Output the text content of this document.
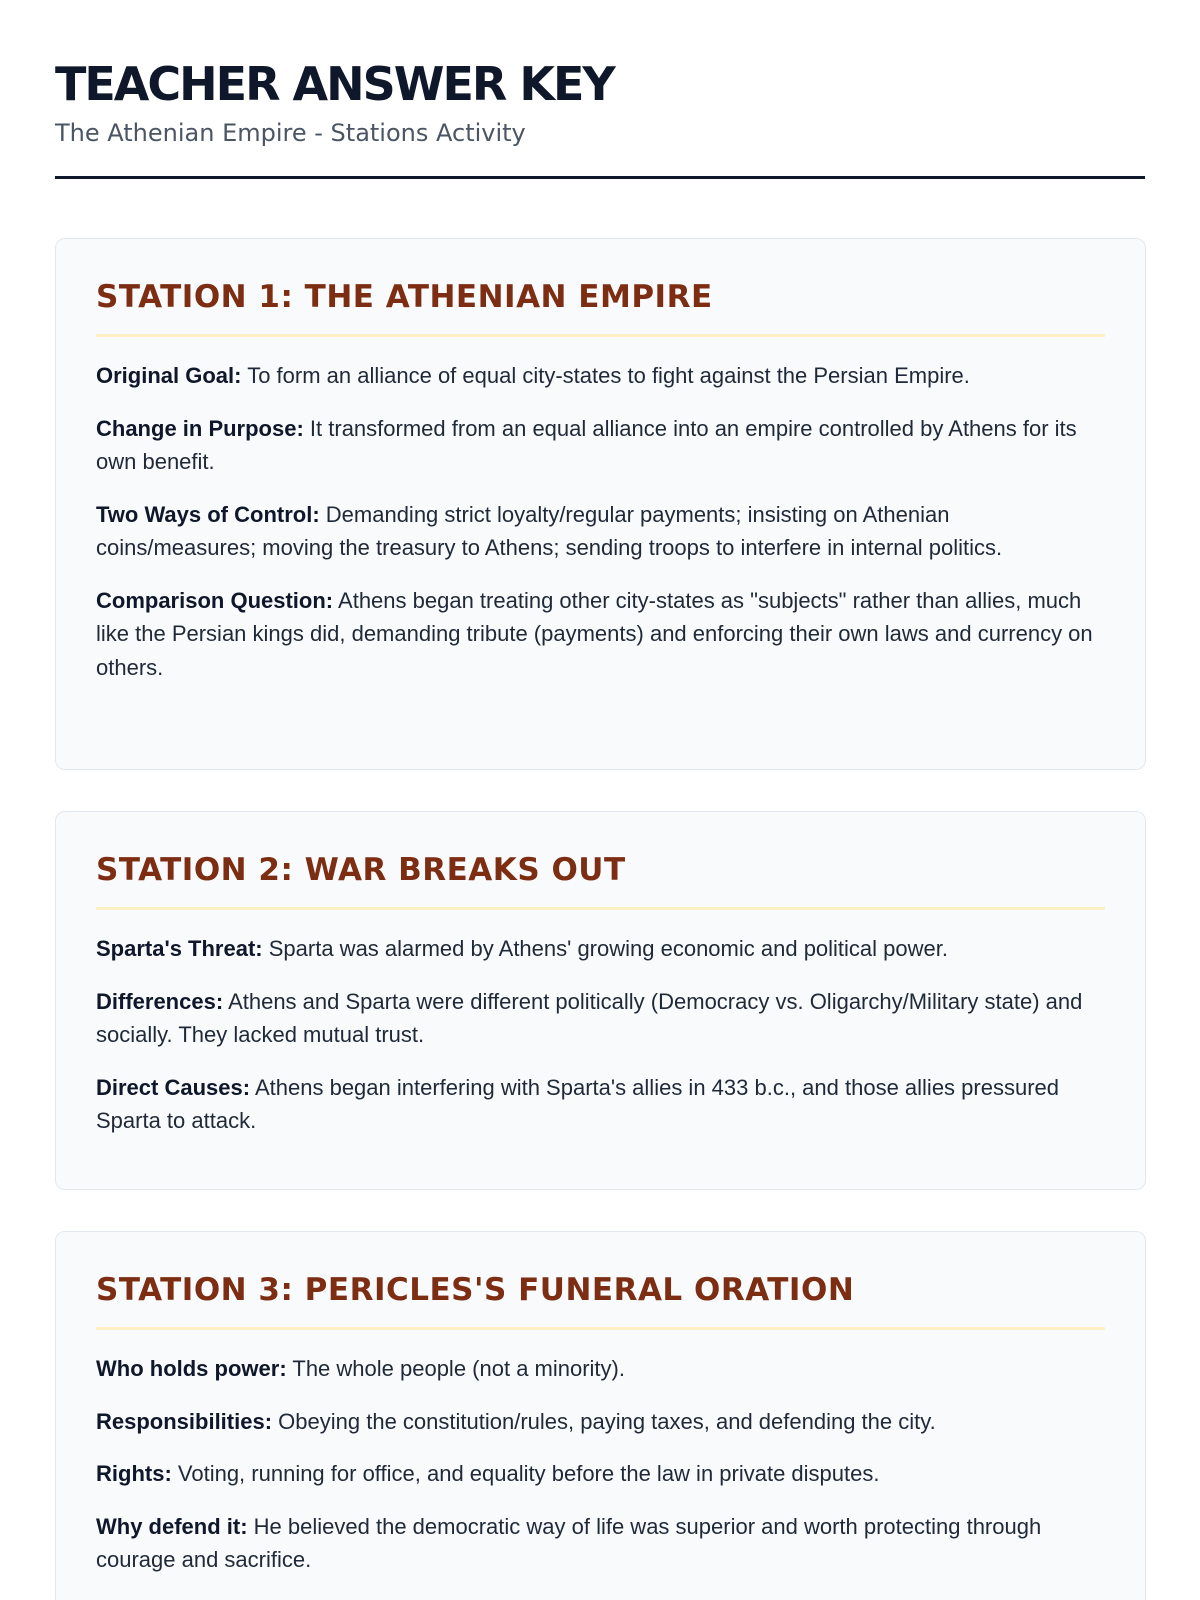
TEACHER ANSWER KEY

The Athenian Empire - Stations Activity

STATION 1: THE ATHENIAN EMPIRE

Original Goal: To form an alliance of equal city-states to fight against the Persian Empire.

Change in Purpose: It transformed from an equal alliance into an empire controlled by Athens for its own benefit.

Two Ways of Control: Demanding strict loyalty/regular payments; insisting on Athenian coins/measures; moving the treasury to Athens; sending troops to interfere in internal politics.

Comparison Question: Athens began treating other city-states as "subjects" rather than allies, much like the Persian kings did, demanding tribute (payments) and enforcing their own laws and currency on others.

STATION 2: WAR BREAKS OUT

Sparta's Threat: Sparta was alarmed by Athens' growing economic and political power.

Differences: Athens and Sparta were different politically (Democracy vs. Oligarchy/Military state) and socially. They lacked mutual trust.

Direct Causes: Athens began interfering with Sparta's allies in 433 b.c., and those allies pressured Sparta to attack.

STATION 3: PERICLES'S FUNERAL ORATION

Who holds power: The whole people (not a minority).

Responsibilities: Obeying the constitution/rules, paying taxes, and defending the city.

Rights: Voting, running for office, and equality before the law in private disputes.

Why defend it: He believed the democratic way of life was superior and worth protecting through courage and sacrifice.
